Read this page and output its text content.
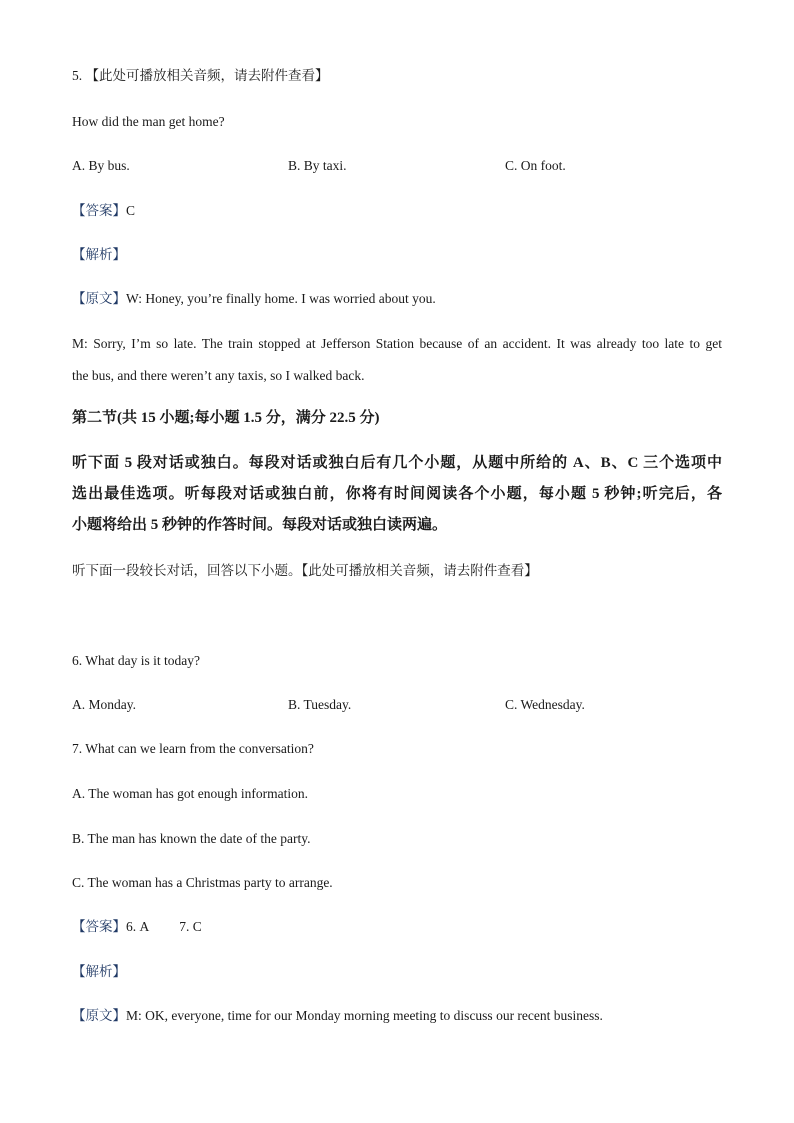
5. 【此处可播放相关音频，请去附件查看】
How did the man get home?
A. By bus.	B. By taxi.	C. On foot.
【答案】C
【解析】
【原文】W: Honey, you’re finally home. I was worried about you.
M: Sorry, I’m so late. The train stopped at Jefferson Station because of an accident. It was already too late to get
the bus, and there weren’t any taxis, so I walked back.
第二节(共 15 小题;每小题 1.5 分，满分 22.5 分)
听下面 5 段对话或独白。每段对话或独白后有几个小题，从题中所给的 A、B、C 三个选项中
选出最佳选项。听每段对话或独白前，你将有时间阅读各个小题，每小题 5 秒钟;听完后，各
小题将给出 5 秒钟的作答时间。每段对话或独白读两遍。
听下面一段较长对话，回答以下小题。【此处可播放相关音频，请去附件查看】
6. What day is it today?
A. Monday.	B. Tuesday.	C. Wednesday.
7. What can we learn from the conversation?
A. The woman has got enough information.
B. The man has known the date of the party.
C. The woman has a Christmas party to arrange.
【答案】6. A 7. C
【解析】
【原文】M: OK, everyone, time for our Monday morning meeting to discuss our recent business.
